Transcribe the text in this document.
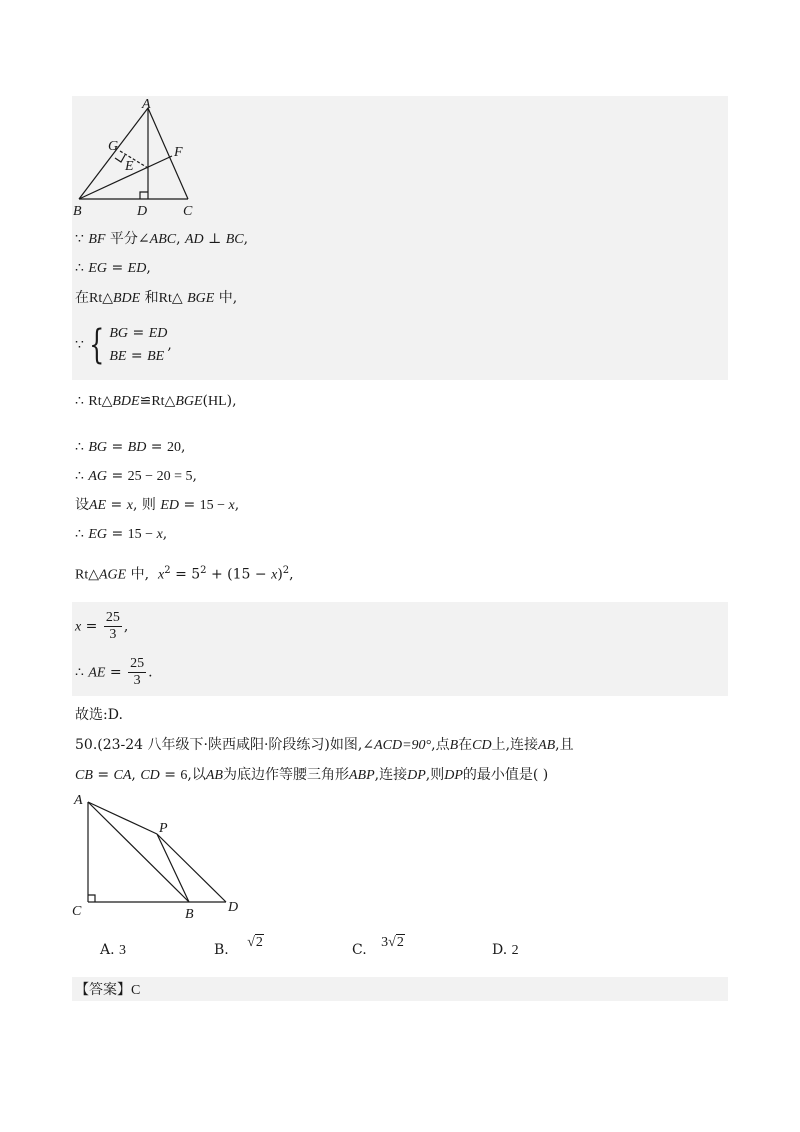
A
G	F
E
B	D	C
∵ BF 平分∠ABC, AD ⊥ BC,
∴ EG = ED,
在Rt△BDE 和Rt△ BGE 中,
∵ { BG = ED
BE = BE,
∴ Rt△BDE≌Rt△BGE(HL),
∴ BG = BD = 20,
∴ AG = 25 − 20 = 5,
设AE = x, 则 ED = 15 − x,
∴ EG = 15 − x,
Rt△AGE 中, $x^2 = 5^2 + (15 - x)^2$,
$x = \frac{25}{3}$ ,
∴ AE = $\frac{25}{3}$ .
故选:D.
50.(23-24 八年级下·陕西咸阳·阶段练习)如图,∠ACD=90°,点B在CD上,连接AB,且
CB = CA, CD = 6,以AB为底边作等腰三角形ABP,连接DP,则DP的最小值是( )
A
P
C	B D
A. 3	B. √2	C. 3√2	D. 2
【答案】C
